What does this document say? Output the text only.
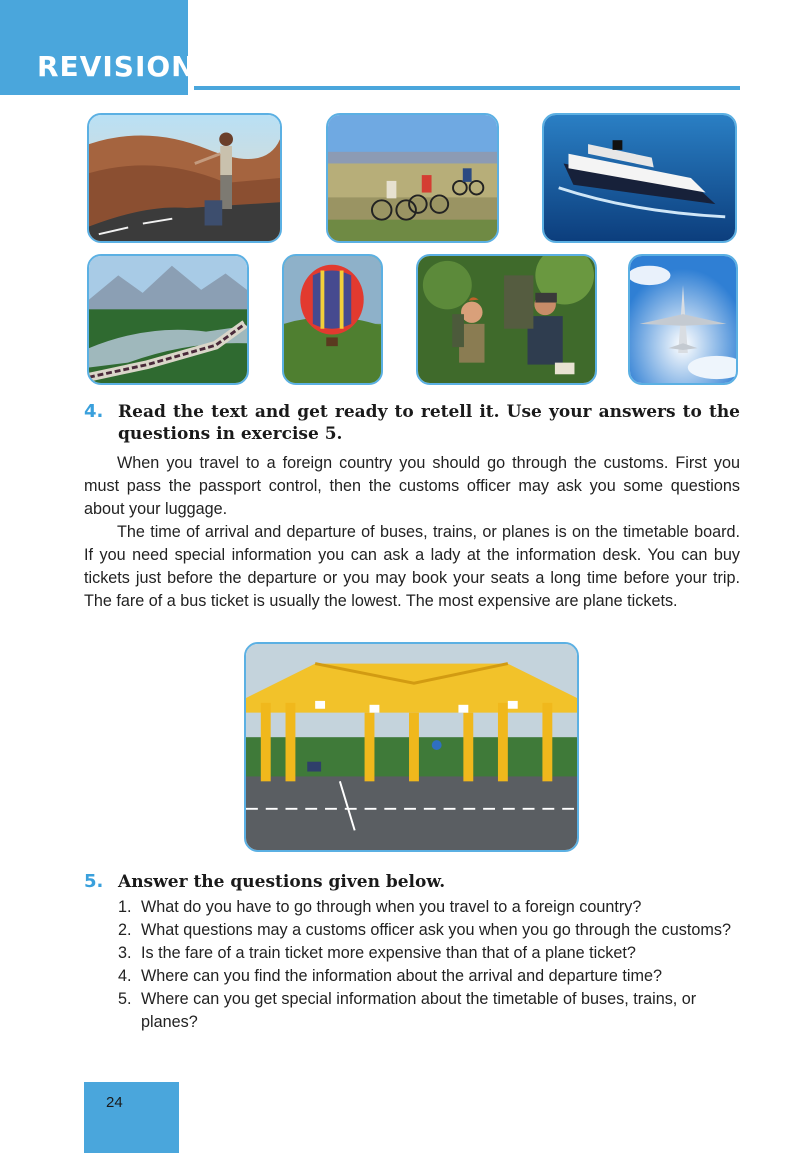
REVISION
4. Read the text and get ready to retell it. Use your answers to the questions in exercise 5.

When you travel to a foreign country you should go through the customs. First you must pass the passport control, then the customs officer may ask you some questions about your luggage.

The time of arrival and departure of buses, trains, or planes is on the timetable board. If you need special information you can ask a lady at the information desk. You can buy tickets just before the departure or you may book your seats a long time before your trip. The fare of a bus ticket is usually the lowest. The most expensive are plane tickets.

5. Answer the questions given below.
1. What do you have to go through when you travel to a foreign country?
2. What questions may a customs officer ask you when you go through the customs?
3. Is the fare of a train ticket more expensive than that of a plane ticket?
4. Where can you find the information about the arrival and departure time?
5. Where can you get special information about the timetable of buses, trains, or planes?
24
